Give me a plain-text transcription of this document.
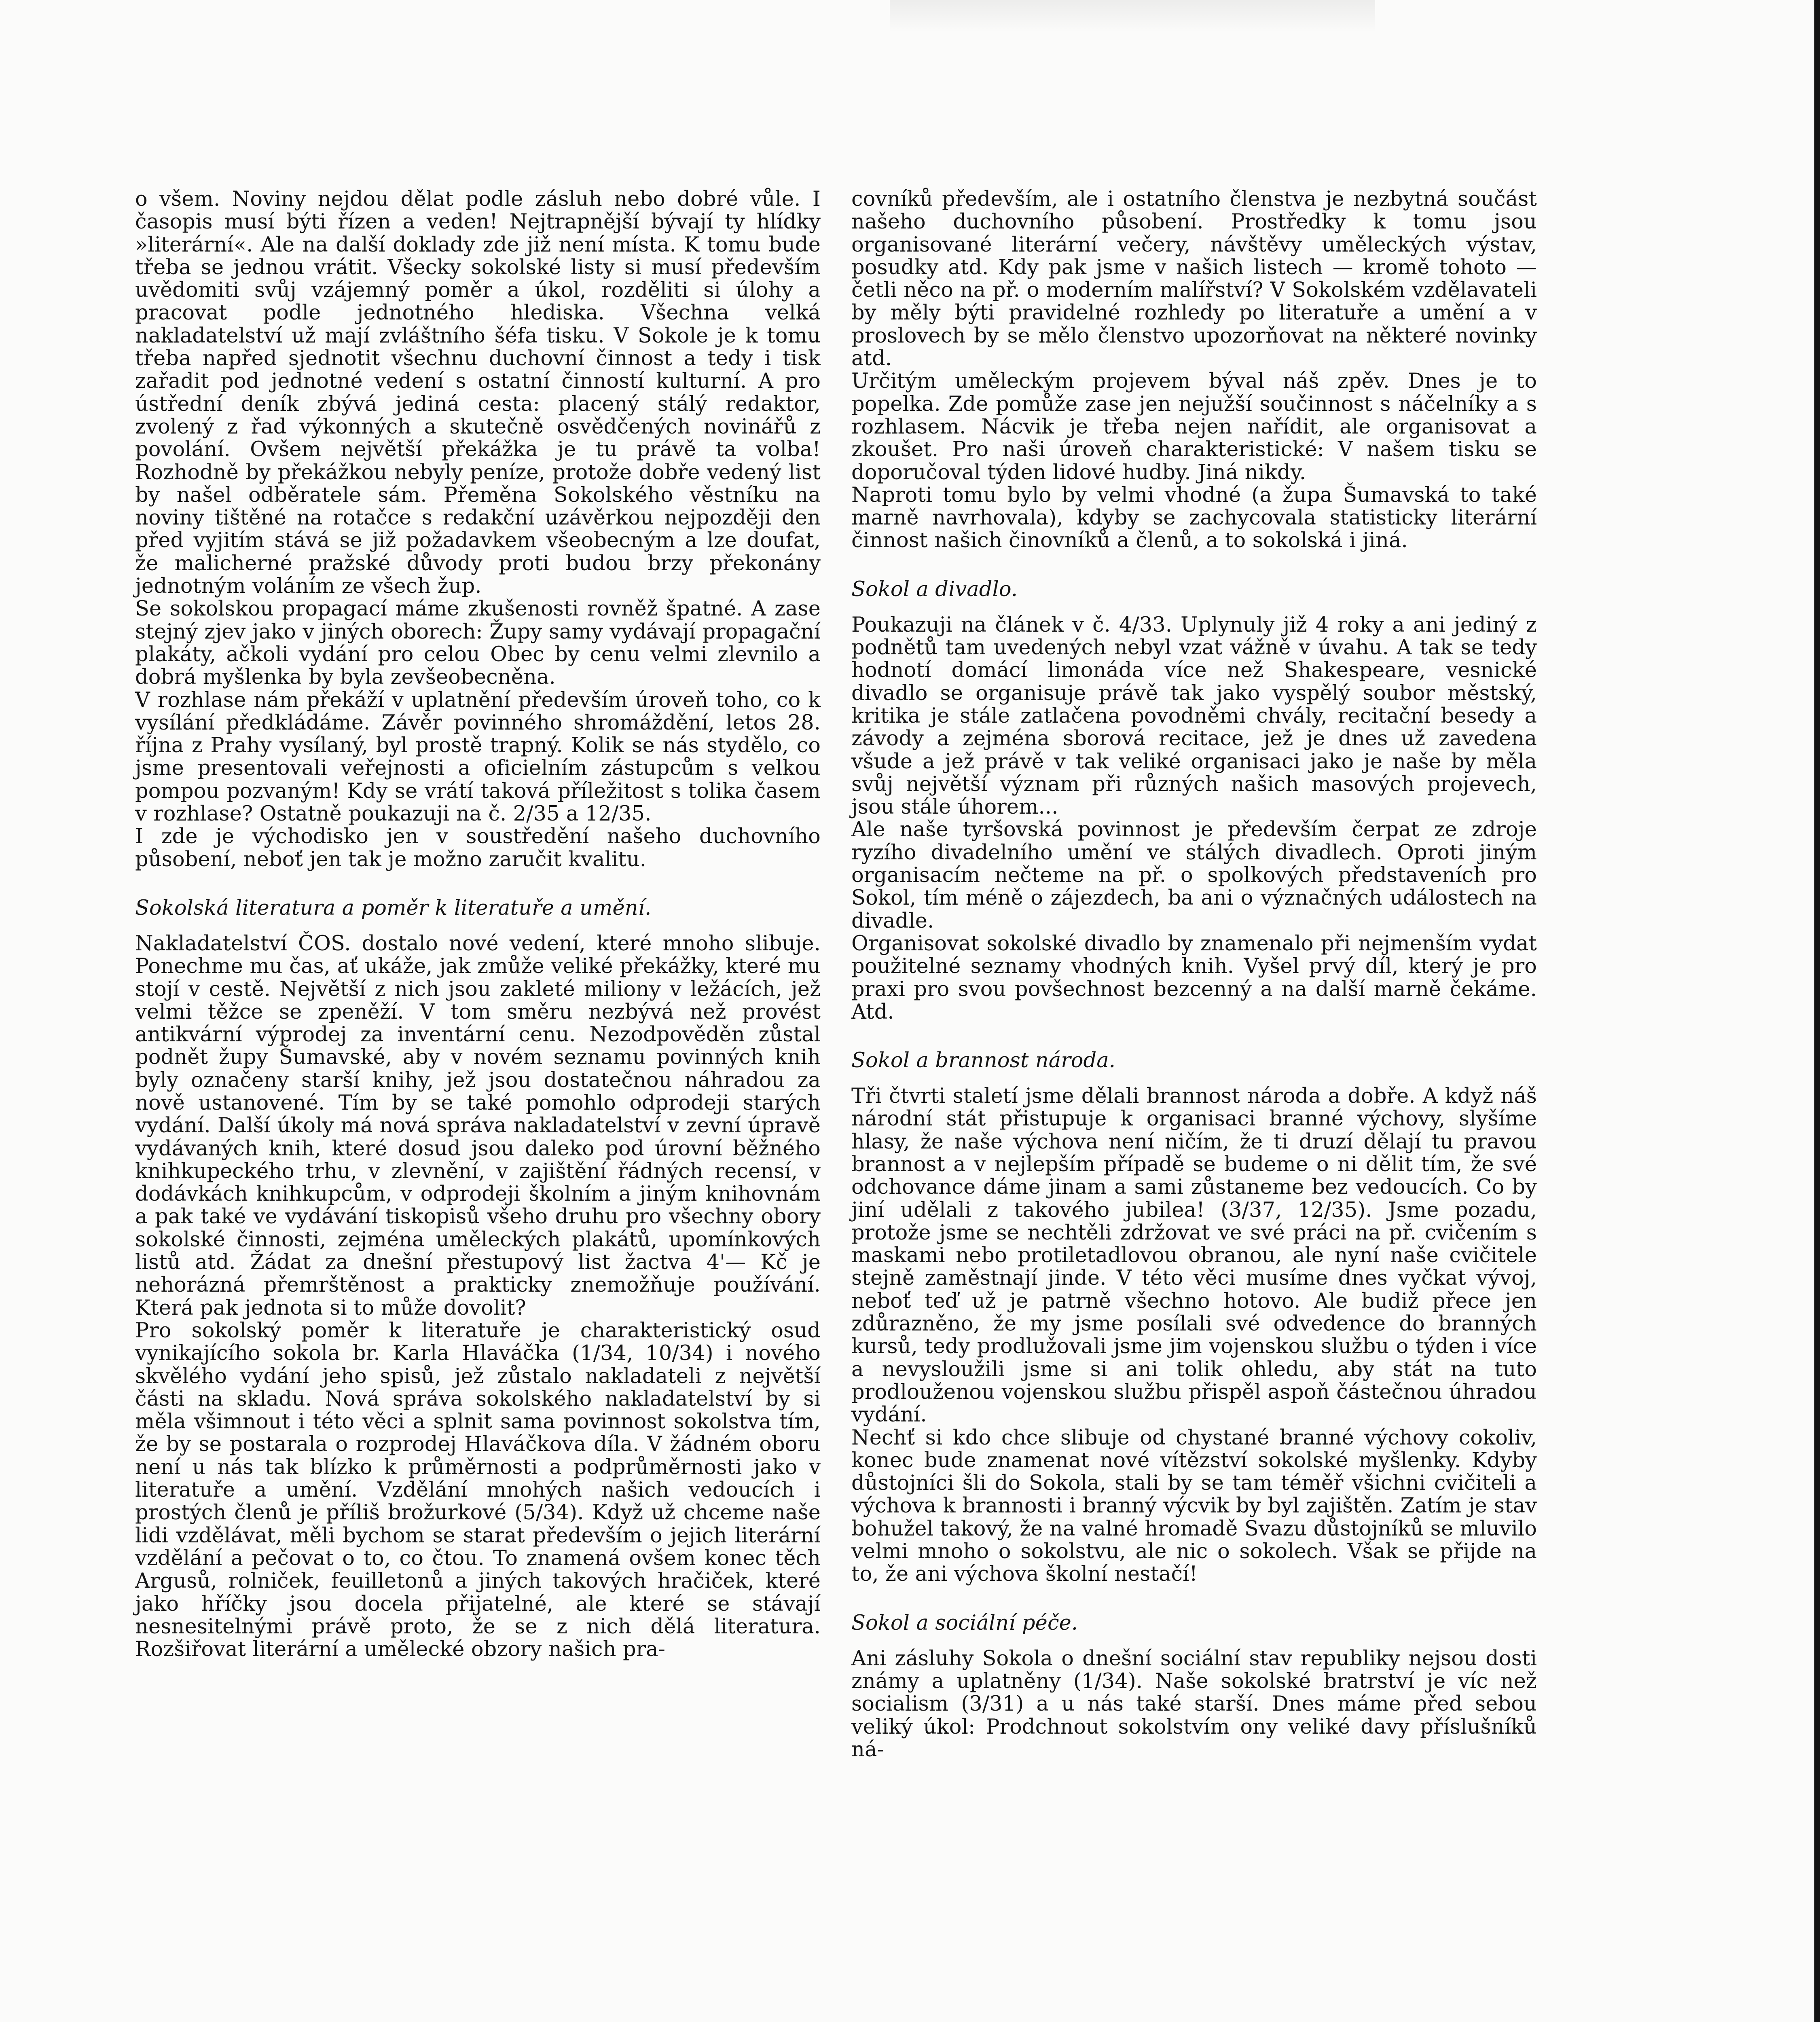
o všem. Noviny nejdou dělat podle zásluh nebo dobré vůle. I časopis musí býti řízen a veden! Nejtrapnější bývají ty hlídky »literární«. Ale na další doklady zde již není místa. K tomu bude třeba se jednou vrátit. Všecky sokolské listy si musí především uvědomiti svůj vzájemný poměr a úkol, rozděliti si úlohy a pracovat podle jednotného hlediska. Všechna velká nakladatelství už mají zvláštního šéfa tisku. V Sokole je k tomu třeba napřed sjednotit všechnu duchovní činnost a tedy i tisk zařadit pod jednotné vedení s ostatní činností kulturní. A pro ústřední deník zbývá jediná cesta: placený stálý redaktor, zvolený z řad výkonných a skutečně osvědčených novinářů z povolání. Ovšem největší překážka je tu právě ta volba! Rozhodně by překážkou nebyly peníze, protože dobře vedený list by našel odběratele sám. Přeměna Sokolského věstníku na noviny tištěné na rotačce s redakční uzávěrkou nejpozději den před vyjitím stává se již požadavkem všeobecným a lze doufat, že malicherné pražské důvody proti budou brzy překonány jednotným voláním ze všech žup.

Se sokolskou propagací máme zkušenosti rovněž špatné. A zase stejný zjev jako v jiných oborech: Župy samy vydávají propagační plakáty, ačkoli vydání pro celou Obec by cenu velmi zlevnilo a dobrá myšlenka by byla zevšeobecněna.

V rozhlase nám překáží v uplatnění především úroveň toho, co k vysílání předkládáme. Závěr povinného shromáždění, letos 28. října z Prahy vysílaný, byl prostě trapný. Kolik se nás stydělo, co jsme presentovali veřejnosti a oficielním zástupcům s velkou pompou pozvaným! Kdy se vrátí taková příležitost s tolika časem v rozhlase? Ostatně poukazuji na č. 2/35 a 12/35.

I zde je východisko jen v soustředění našeho duchovního působení, neboť jen tak je možno zaručit kvalitu.

Sokolská literatura a poměr k literatuře a umění.

Nakladatelství ČOS. dostalo nové vedení, které mnoho slibuje. Ponechme mu čas, ať ukáže, jak zmůže veliké překážky, které mu stojí v cestě. Největší z nich jsou zakleté miliony v ležácích, jež velmi těžce se zpeněží. V tom směru nezbývá než provést antikvární výprodej za inventární cenu. Nezodpověděn zůstal podnět župy Šumavské, aby v novém seznamu povinných knih byly označeny starší knihy, jež jsou dostatečnou náhradou za nově ustanovené. Tím by se také pomohlo odprodeji starých vydání. Další úkoly má nová správa nakladatelství v zevní úpravě vydávaných knih, které dosud jsou daleko pod úrovní běžného knihkupeckého trhu, v zlevnění, v zajištění řádných recensí, v dodávkách knihkupcům, v odprodeji školním a jiným knihovnám a pak také ve vydávání tiskopisů všeho druhu pro všechny obory sokolské činnosti, zejména uměleckých plakátů, upomínkových listů atd. Žádat za dnešní přestupový list žactva 4'— Kč je nehorázná přemrštěnost a prakticky znemožňuje používání. Která pak jednota si to může dovolit?

Pro sokolský poměr k literatuře je charakteristický osud vynikajícího sokola br. Karla Hlaváčka (1/34, 10/34) i nového skvělého vydání jeho spisů, jež zůstalo nakladateli z největší části na skladu. Nová správa sokolského nakladatelství by si měla všimnout i této věci a splnit sama povinnost sokolstva tím, že by se postarala o rozprodej Hlaváčkova díla. V žádném oboru není u nás tak blízko k průměrnosti a podprůměrnosti jako v literatuře a umění. Vzdělání mnohých našich vedoucích i prostých členů je příliš brožurkové (5/34). Když už chceme naše lidi vzdělávat, měli bychom se starat především o jejich literární vzdělání a pečovat o to, co čtou. To znamená ovšem konec těch Argusů, rolniček, feuilletonů a jiných takových hračiček, které jako hříčky jsou docela přijatelné, ale které se stávají nesnesitelnými právě proto, že se z nich dělá literatura. Rozšiřovat literární a umělecké obzory našich pra-

covníků především, ale i ostatního členstva je nezbytná součást našeho duchovního působení. Prostředky k tomu jsou organisované literární večery, návštěvy uměleckých výstav, posudky atd. Kdy pak jsme v našich listech — kromě tohoto — četli něco na př. o moderním malířství? V Sokolském vzdělavateli by měly býti pravidelné rozhledy po literatuře a umění a v proslovech by se mělo členstvo upozorňovat na některé novinky atd.

Určitým uměleckým projevem býval náš zpěv. Dnes je to popelka. Zde pomůže zase jen nejužší součinnost s náčelníky a s rozhlasem. Nácvik je třeba nejen nařídit, ale organisovat a zkoušet. Pro naši úroveň charakteristické: V našem tisku se doporučoval týden lidové hudby. Jiná nikdy.

Naproti tomu bylo by velmi vhodné (a župa Šumavská to také marně navrhovala), kdyby se zachycovala statisticky literární činnost našich činovníků a členů, a to sokolská i jiná.

Sokol a divadlo.

Poukazuji na článek v č. 4/33. Uplynuly již 4 roky a ani jediný z podnětů tam uvedených nebyl vzat vážně v úvahu. A tak se tedy hodnotí domácí limonáda více než Shakespeare, vesnické divadlo se organisuje právě tak jako vyspělý soubor městský, kritika je stále zatlačena povodněmi chvály, recitační besedy a závody a zejména sborová recitace, jež je dnes už zavedena všude a jež právě v tak veliké organisaci jako je naše by měla svůj největší význam při různých našich masových projevech, jsou stále úhorem...

Ale naše tyršovská povinnost je především čerpat ze zdroje ryzího divadelního umění ve stálých divadlech. Oproti jiným organisacím nečteme na př. o spolkových představeních pro Sokol, tím méně o zájezdech, ba ani o význačných událostech na divadle.

Organisovat sokolské divadlo by znamenalo při nejmenším vydat použitelné seznamy vhodných knih. Vyšel prvý díl, který je pro praxi pro svou povšechnost bezcenný a na další marně čekáme. Atd.

Sokol a brannost národa.

Tři čtvrti staletí jsme dělali brannost národa a dobře. A když náš národní stát přistupuje k organisaci branné výchovy, slyšíme hlasy, že naše výchova není ničím, že ti druzí dělají tu pravou brannost a v nejlepším případě se budeme o ni dělit tím, že své odchovance dáme jinam a sami zůstaneme bez vedoucích. Co by jiní udělali z takového jubilea! (3/37, 12/35). Jsme pozadu, protože jsme se nechtěli zdržovat ve své práci na př. cvičením s maskami nebo protiletadlovou obranou, ale nyní naše cvičitele stejně zaměstnají jinde. V této věci musíme dnes vyčkat vývoj, neboť teď už je patrně všechno hotovo. Ale budiž přece jen zdůrazněno, že my jsme posílali své odvedence do branných kursů, tedy prodlužovali jsme jim vojenskou službu o týden i více a nevysloužili jsme si ani tolik ohledu, aby stát na tuto prodlouženou vojenskou službu přispěl aspoň částečnou úhradou vydání.

Nechť si kdo chce slibuje od chystané branné výchovy cokoliv, konec bude znamenat nové vítězství sokolské myšlenky. Kdyby důstojníci šli do Sokola, stali by se tam téměř všichni cvičiteli a výchova k brannosti i branný výcvik by byl zajištěn. Zatím je stav bohužel takový, že na valné hromadě Svazu důstojníků se mluvilo velmi mnoho o sokolstvu, ale nic o sokolech. Však se přijde na to, že ani výchova školní nestačí!

Sokol a sociální péče.

Ani zásluhy Sokola o dnešní sociální stav republiky nejsou dosti známy a uplatněny (1/34). Naše sokolské bratrství je víc než socialism (3/31) a u nás také starší. Dnes máme před sebou veliký úkol: Prodchnout sokolstvím ony veliké davy příslušníků ná-
